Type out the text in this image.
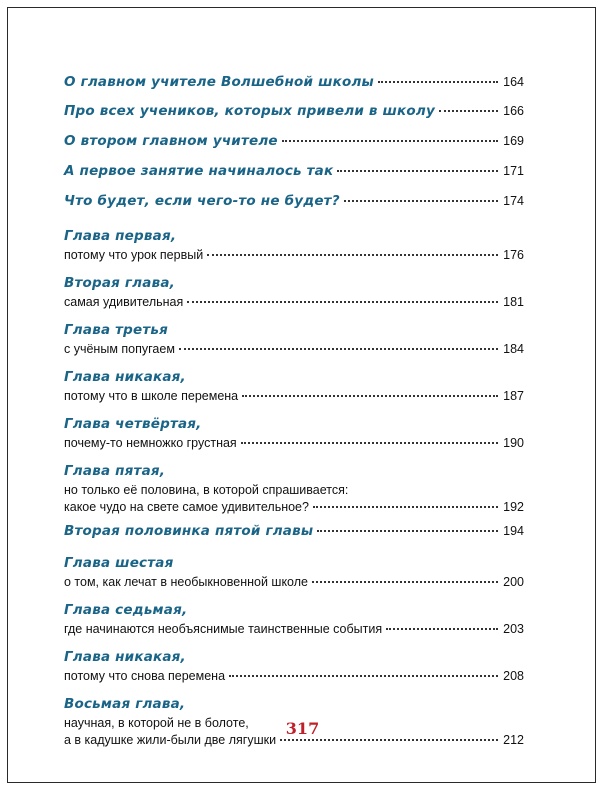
О главном учителе Волшебной школы	164
Про всех учеников, которых привели в школу	166
О втором главном учителе	169
А первое занятие начиналось так	171
Что будет, если чего-то не будет?	174
Глава первая,
потому что урок первый	176
Вторая глава,
самая удивительная	181
Глава третья
с учёным попугаем	184
Глава никакая,
потому что в школе перемена	187
Глава четвёртая,
почему-то немножко грустная	190
Глава пятая,
но только её половина, в которой спрашивается:
какое чудо на свете самое удивительное?	192
Вторая половинка пятой главы	194
Глава шестая
о том, как лечат в необыкновенной школе	200
Глава седьмая,
где начинаются необъяснимые таинственные события	203
Глава никакая,
потому что снова перемена	208
Восьмая глава,
научная, в которой не в болоте,
а в кадушке жили-были две лягушки	212
317
